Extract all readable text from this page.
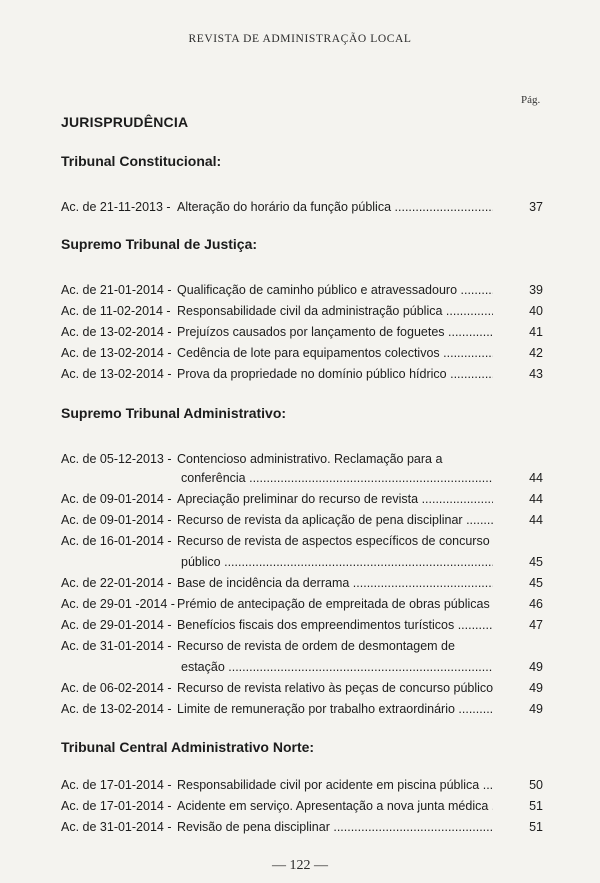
REVISTA DE ADMINISTRAÇÃO LOCAL
Pág.
JURISPRUDÊNCIA
Tribunal Constitucional:
Ac. de 21-11-2013 - Alteração do horário da função pública .....	37
Supremo Tribunal de Justiça:
Ac. de 21-01-2014 - Qualificação de caminho público e atravessadouro .....	39
Ac. de 11-02-2014 - Responsabilidade civil da administração pública .....	40
Ac. de 13-02-2014 - Prejuízos causados por lançamento de foguetes .....	41
Ac. de 13-02-2014 - Cedência de lote para equipamentos colectivos .....	42
Ac. de 13-02-2014 - Prova da propriedade no domínio público hídrico .....	43
Supremo Tribunal Administrativo:
Ac. de 05-12-2013 - Contencioso administrativo. Reclamação para a
conferência .....	44
Ac. de 09-01-2014 - Apreciação preliminar do recurso de revista .....	44
Ac. de 09-01-2014 - Recurso de revista da aplicação de pena disciplinar .....	44
Ac. de 16-01-2014 - Recurso de revista de aspectos específicos de concurso
público .....	45
Ac. de 22-01-2014 - Base de incidência da derrama .....	45
Ac. de 29-01 -2014 - Prémio de antecipação de empreitada de obras públicas .....	46
Ac. de 29-01-2014 - Benefícios fiscais dos empreendimentos turísticos .....	47
Ac. de 31-01-2014 - Recurso de revista de ordem de desmontagem de
estação .....	49
Ac. de 06-02-2014 - Recurso de revista relativo às peças de concurso público .....	49
Ac. de 13-02-2014 - Limite de remuneração por trabalho extraordinário .....	49
Tribunal Central Administrativo Norte:
Ac. de 17-01-2014 - Responsabilidade civil por acidente em piscina pública .....	50
Ac. de 17-01-2014 - Acidente em serviço. Apresentação a nova junta médica .....	51
Ac. de 31-01-2014 - Revisão de pena disciplinar .....	51
— 122 —
